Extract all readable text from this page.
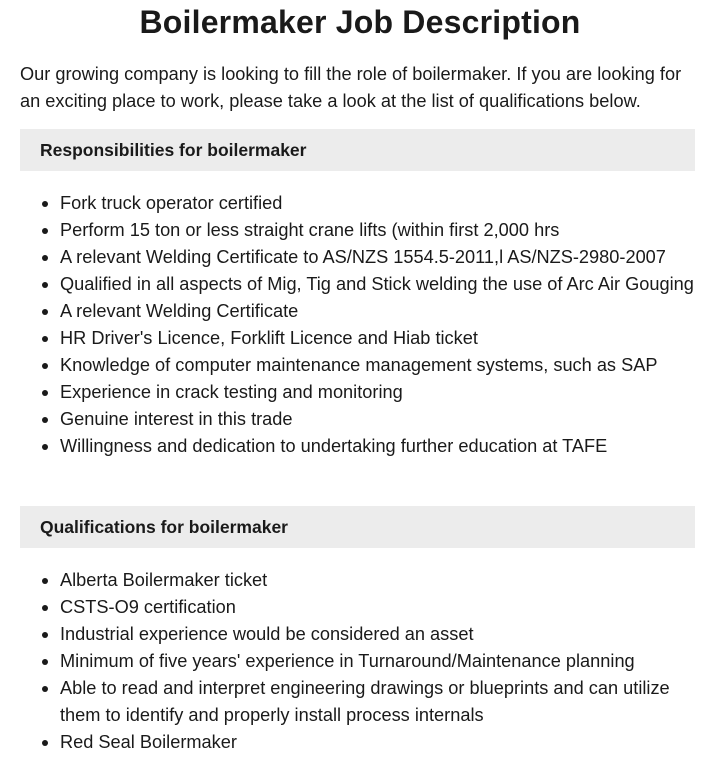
Boilermaker Job Description

Our growing company is looking to fill the role of boilermaker. If you are looking for an exciting place to work, please take a look at the list of qualifications below.

Responsibilities for boilermaker
Fork truck operator certified
Perform 15 ton or less straight crane lifts (within first 2,000 hrs
A relevant Welding Certificate to AS/NZS 1554.5-2011,l AS/NZS-2980-2007
Qualified in all aspects of Mig, Tig and Stick welding the use of Arc Air Gouging
A relevant Welding Certificate
HR Driver's Licence, Forklift Licence and Hiab ticket
Knowledge of computer maintenance management systems, such as SAP
Experience in crack testing and monitoring
Genuine interest in this trade
Willingness and dedication to undertaking further education at TAFE
Qualifications for boilermaker
Alberta Boilermaker ticket
CSTS-O9 certification
Industrial experience would be considered an asset
Minimum of five years' experience in Turnaround/Maintenance planning
Able to read and interpret engineering drawings or blueprints and can utilize them to identify and properly install process internals
Red Seal Boilermaker
